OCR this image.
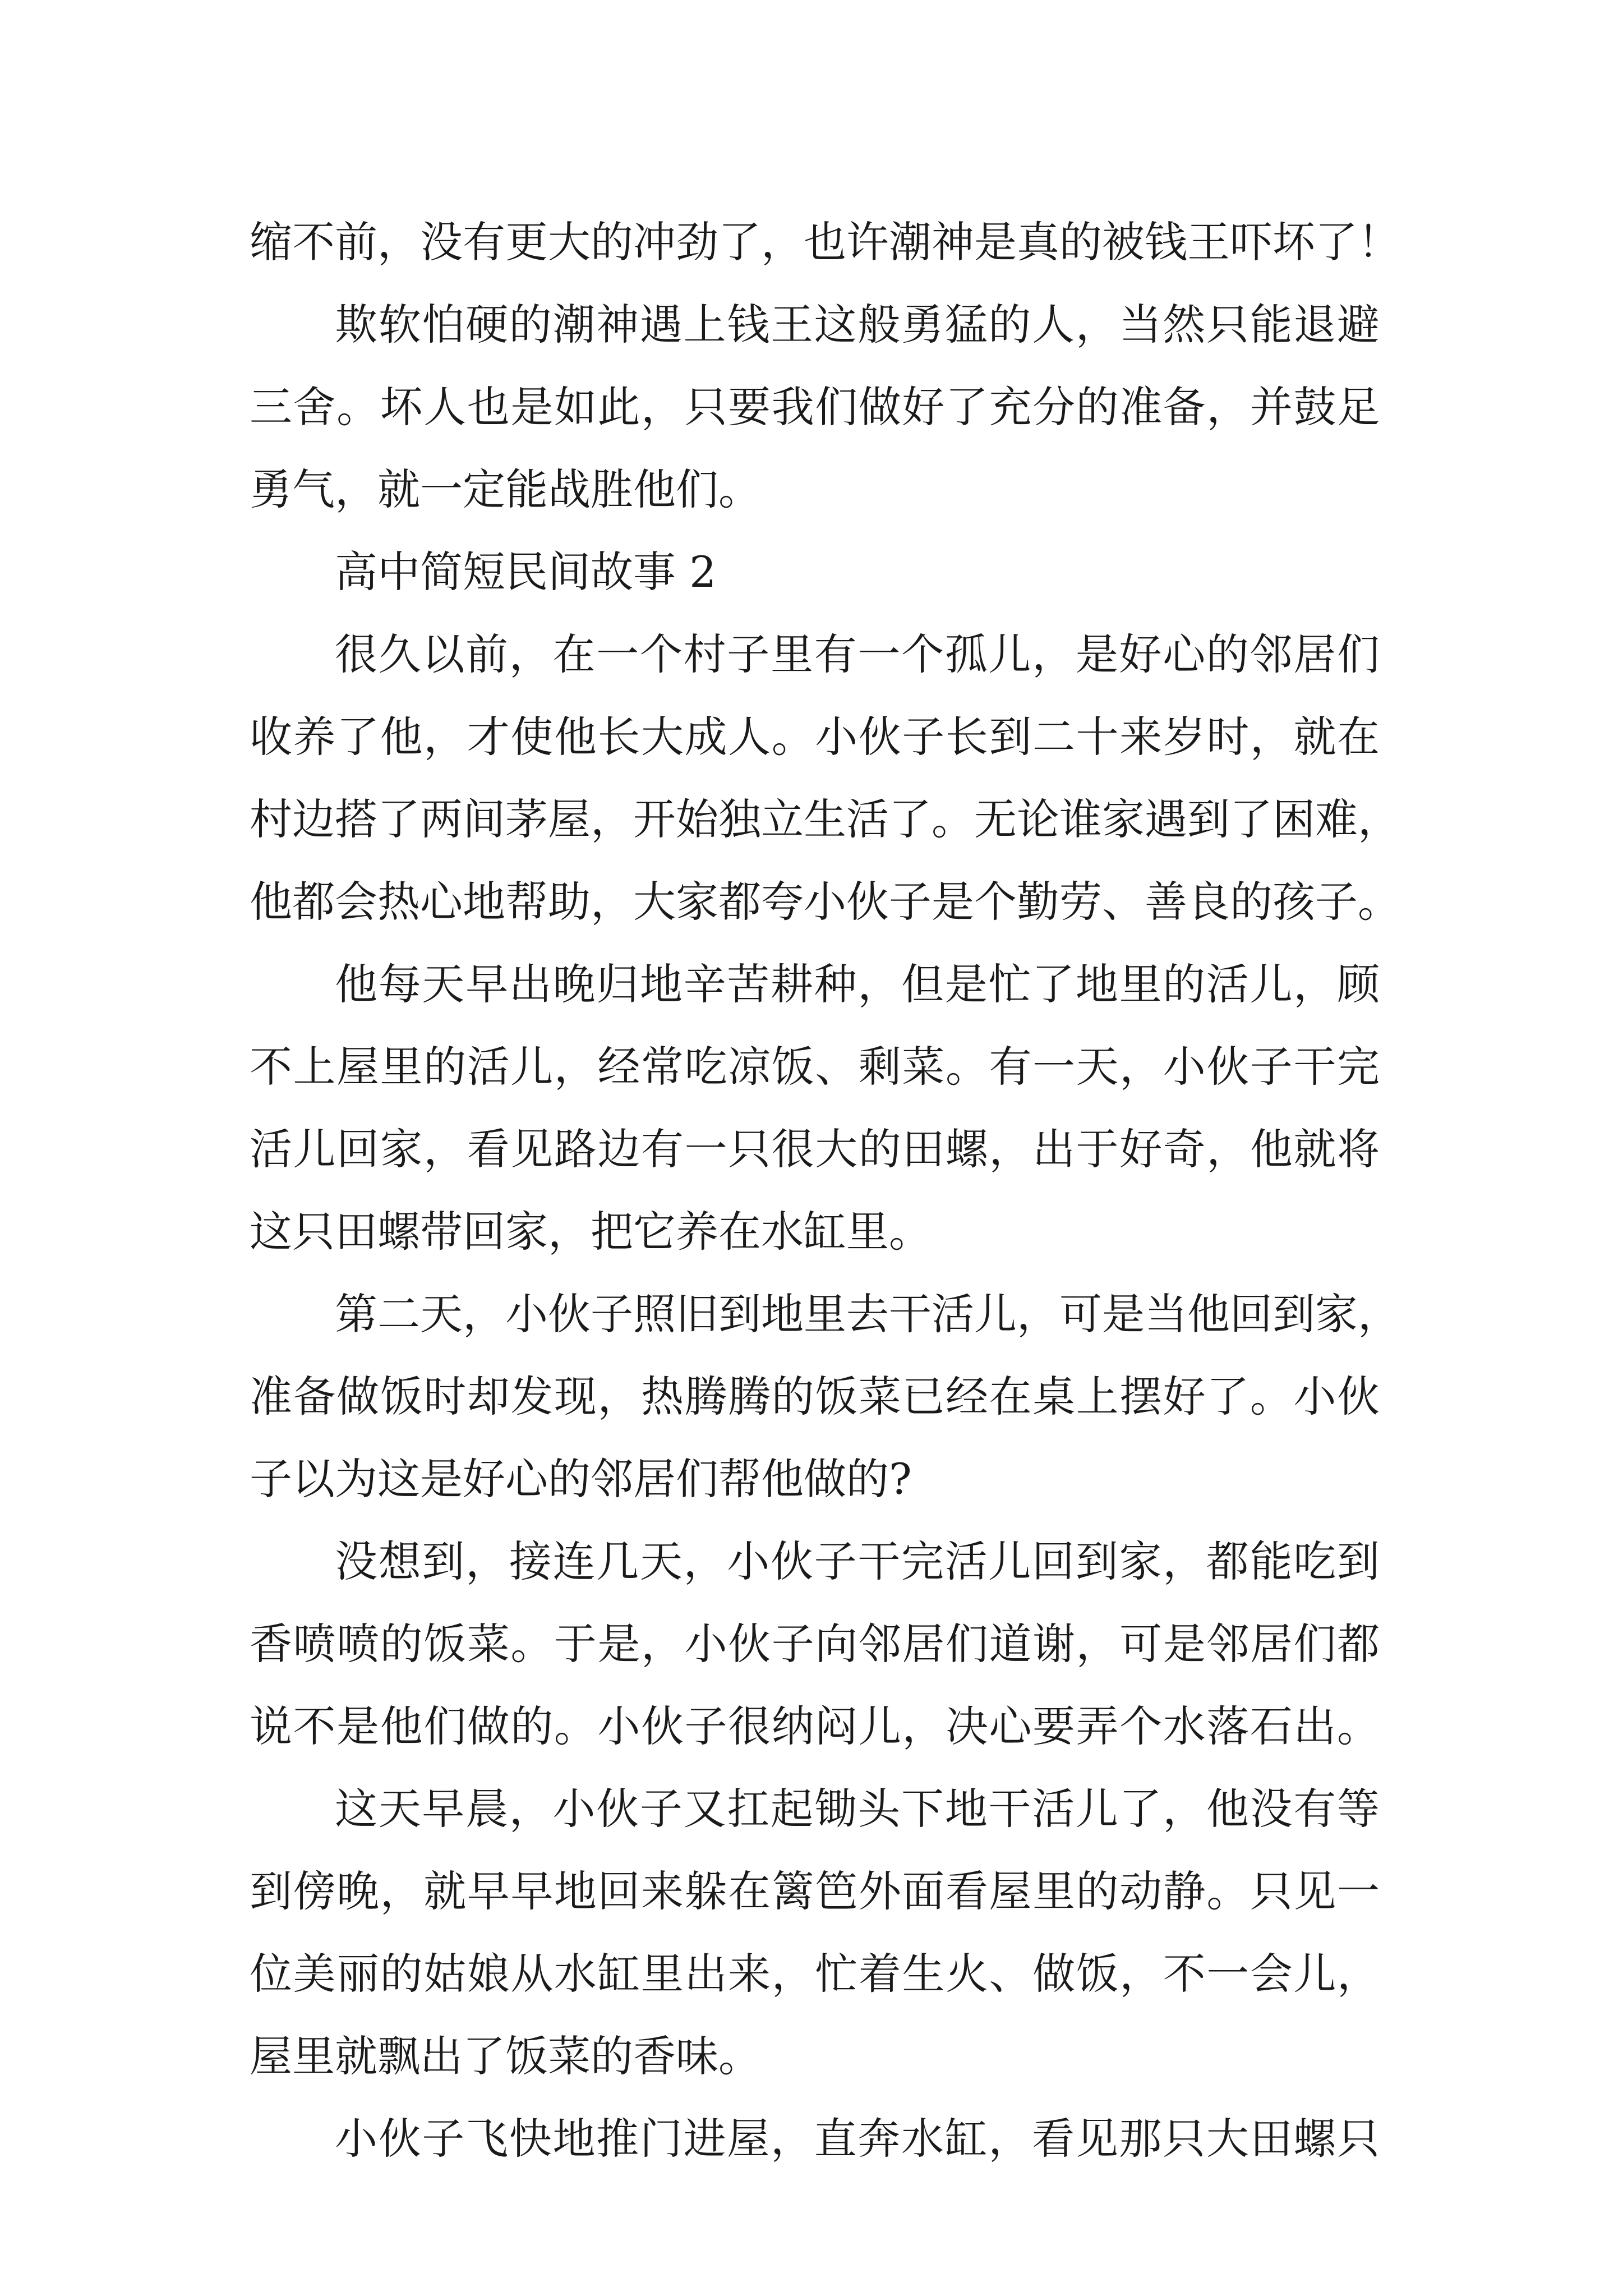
缩不前，没有更大的冲劲了，也许潮神是真的被钱王吓坏了！
欺软怕硬的潮神遇上钱王这般勇猛的人，当然只能退避
三舍。坏人也是如此，只要我们做好了充分的准备，并鼓足
勇气，就一定能战胜他们。
高中简短民间故事 2
很久以前，在一个村子里有一个孤儿，是好心的邻居们
收养了他，才使他长大成人。小伙子长到二十来岁时，就在
村边搭了两间茅屋，开始独立生活了。无论谁家遇到了困难，
他都会热心地帮助，大家都夸小伙子是个勤劳、善良的孩子。
他每天早出晚归地辛苦耕种，但是忙了地里的活儿，顾
不上屋里的活儿，经常吃凉饭、剩菜。有一天，小伙子干完
活儿回家，看见路边有一只很大的田螺，出于好奇，他就将
这只田螺带回家，把它养在水缸里。
第二天，小伙子照旧到地里去干活儿，可是当他回到家，
准备做饭时却发现，热腾腾的饭菜已经在桌上摆好了。小伙
子以为这是好心的邻居们帮他做的?
没想到，接连几天，小伙子干完活儿回到家，都能吃到
香喷喷的饭菜。于是，小伙子向邻居们道谢，可是邻居们都
说不是他们做的。小伙子很纳闷儿，决心要弄个水落石出。
这天早晨，小伙子又扛起锄头下地干活儿了，他没有等
到傍晚，就早早地回来躲在篱笆外面看屋里的动静。只见一
位美丽的姑娘从水缸里出来，忙着生火、做饭，不一会儿，
屋里就飘出了饭菜的香味。
小伙子飞快地推门进屋，直奔水缸，看见那只大田螺只
